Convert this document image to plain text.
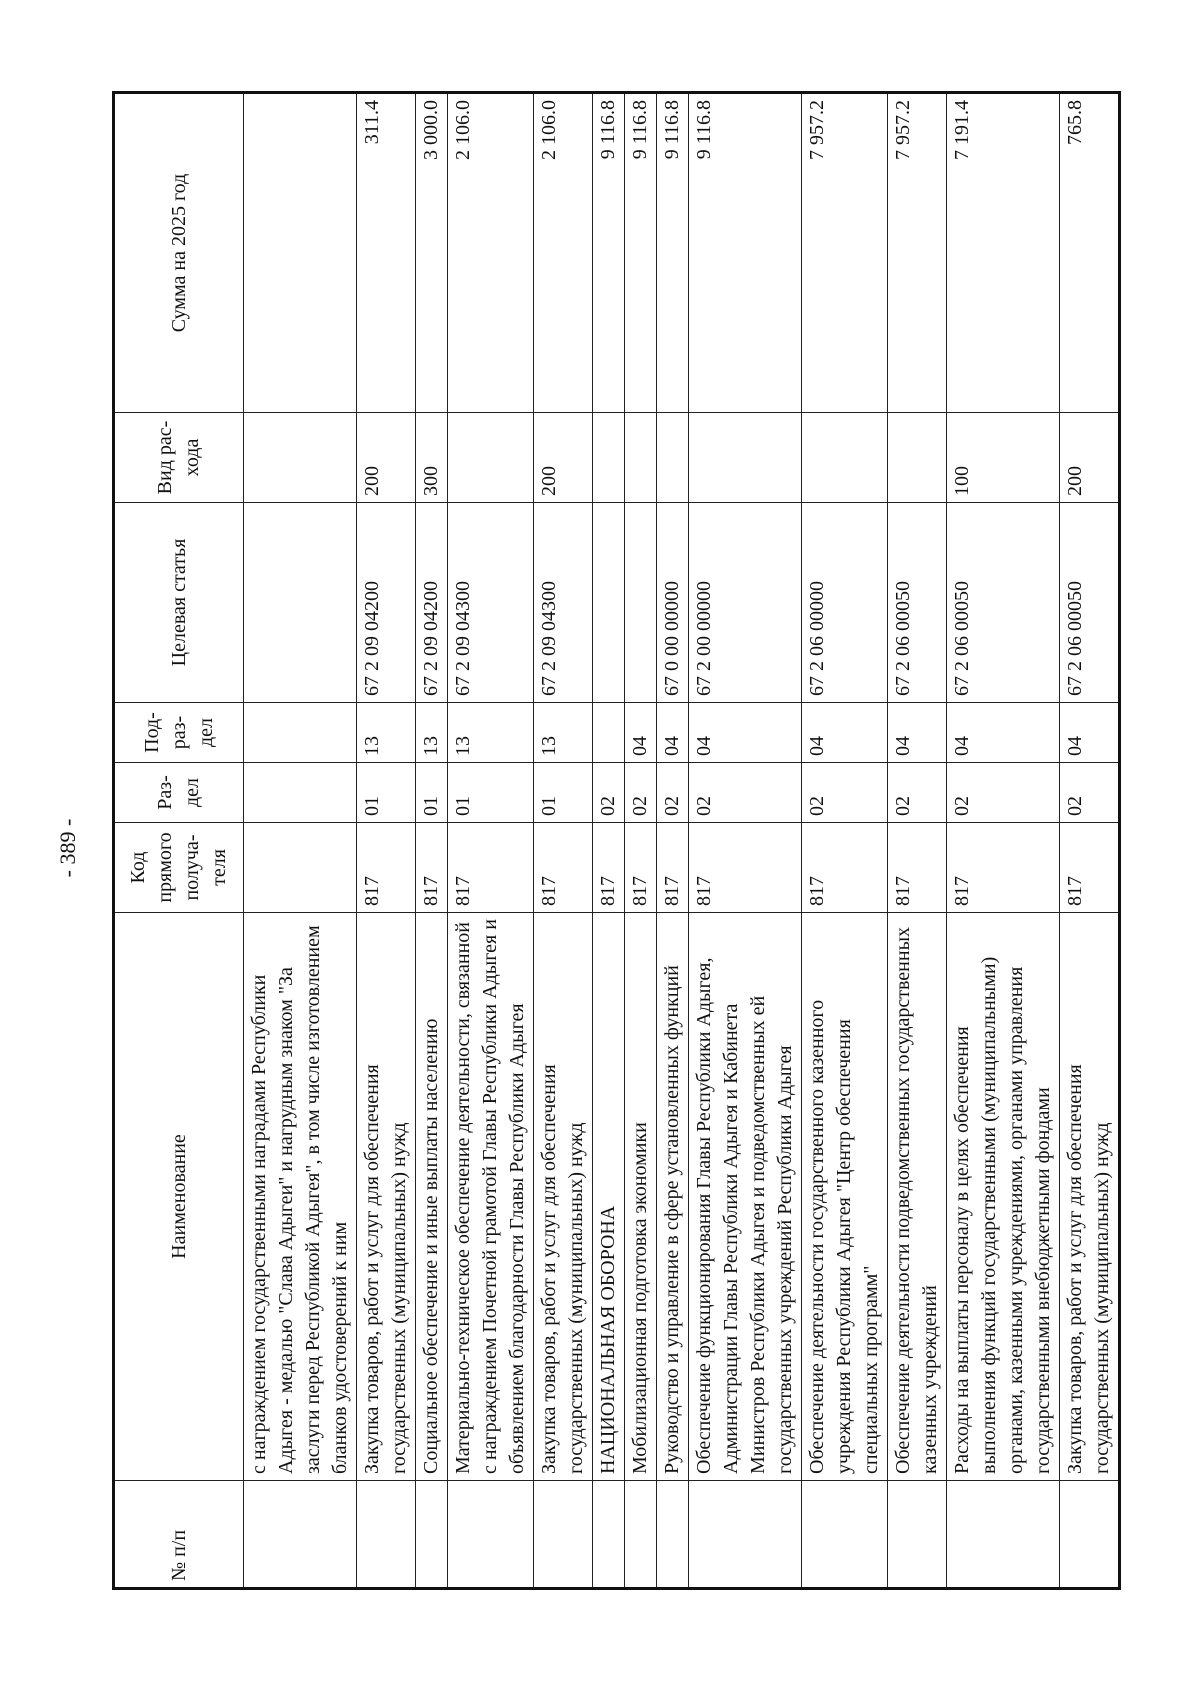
- 389 -
№ п/п	Наименование	Код прямого получа- теля	Раз- дел	Под- раз- дел	Целевая статья	Вид рас- хода	Сумма на 2025 год
	с награждением государственными наградами Республики Адыгея - медалью "Слава Адыгеи" и нагрудным знаком "За заслуги перед Республикой Адыгея", в том числе изготовлением бланков удостоверений к ним						
	Закупка товаров, работ и услуг для обеспечения государственных (муниципальных) нужд	817	01	13	67 2 09 04200	200	311.4
	Социальное обеспечение и иные выплаты населению	817	01	13	67 2 09 04200	300	3 000.0
	Материально-техническое обеспечение деятельности, связанной с награждением Почетной грамотой Главы Республики Адыгея и объявлением благодарности Главы Республики Адыгея	817	01	13	67 2 09 04300		2 106.0
	Закупка товаров, работ и услуг для обеспечения государственных (муниципальных) нужд	817	01	13	67 2 09 04300	200	2 106.0
	НАЦИОНАЛЬНАЯ ОБОРОНА	817	02				9 116.8
	Мобилизационная подготовка экономики	817	02	04			9 116.8
	Руководство и управление в сфере установленных функций	817	02	04	67 0 00 00000		9 116.8
	Обеспечение функционирования Главы Республики Адыгея, Администрации Главы Республики Адыгея и Кабинета Министров Республики Адыгея и подведомственных ей государственных учреждений Республики Адыгея	817	02	04	67 2 00 00000		9 116.8
	Обеспечение деятельности государственного казенного учреждения Республики Адыгея "Центр обеспечения специальных программ"	817	02	04	67 2 06 00000		7 957.2
	Обеспечение деятельности подведомственных государственных казенных учреждений	817	02	04	67 2 06 00050		7 957.2
	Расходы на выплаты персоналу в целях обеспечения выполнения функций государственными (муниципальными) органами, казенными учреждениями, органами управления государственными внебюджетными фондами	817	02	04	67 2 06 00050	100	7 191.4
	Закупка товаров, работ и услуг для обеспечения государственных (муниципальных) нужд	817	02	04	67 2 06 00050	200	765.8
